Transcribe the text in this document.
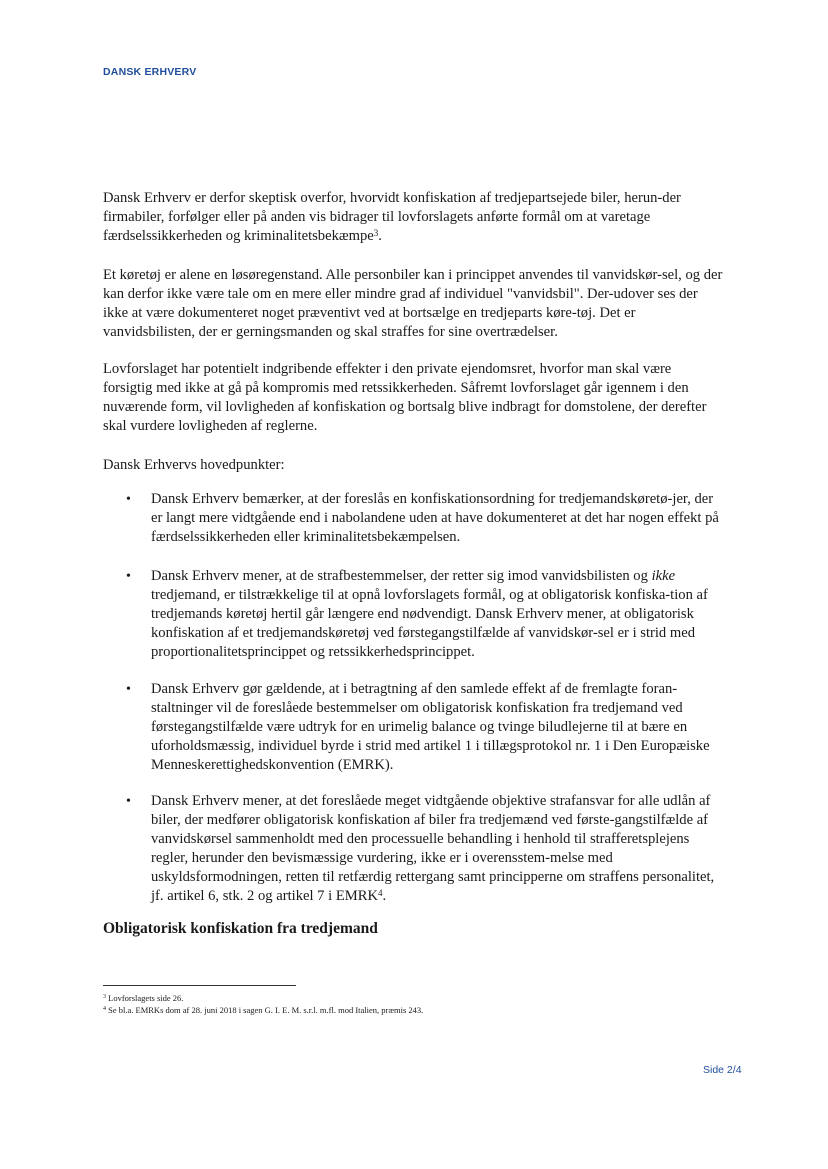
DANSK ERHVERV
Dansk Erhverv er derfor skeptisk overfor, hvorvidt konfiskation af tredjepartsejede biler, herun-der firmabiler, forfølger eller på anden vis bidrager til lovforslagets anførte formål om at varetage færdselssikkerheden og kriminalitetsbekæmpe$^3$.
Et køretøj er alene en løsøregenstand. Alle personbiler kan i princippet anvendes til vanvidskør-sel, og der kan derfor ikke være tale om en mere eller mindre grad af individuel "vanvidsbil". Der-udover ses der ikke at være dokumenteret noget præventivt ved at bortsælge en tredjeparts køre-tøj. Det er vanvidsbilisten, der er gerningsmanden og skal straffes for sine overtrædelser.
Lovforslaget har potentielt indgribende effekter i den private ejendomsret, hvorfor man skal være forsigtig med ikke at gå på kompromis med retssikkerheden. Såfremt lovforslaget går igennem i den nuværende form, vil lovligheden af konfiskation og bortsalg blive indbragt for domstolene, der derefter skal vurdere lovligheden af reglerne.
Dansk Erhvervs hovedpunkter:
• Dansk Erhverv bemærker, at der foreslås en konfiskationsordning for tredjemandskøretø-jer, der er langt mere vidtgående end i nabolandene uden at have dokumenteret at det har nogen effekt på færdselssikkerheden eller kriminalitetsbekæmpelsen.
• Dansk Erhverv mener, at de strafbestemmelser, der retter sig imod vanvidsbilisten og ikke tredjemand, er tilstrækkelige til at opnå lovforslagets formål, og at obligatorisk konfiska-tion af tredjemands køretøj hertil går længere end nødvendigt. Dansk Erhverv mener, at obligatorisk konfiskation af et tredjemandskøretøj ved førstegangstilfælde af vanvidskør-sel er i strid med proportionalitetsprincippet og retssikkerhedsprincippet.
• Dansk Erhverv gør gældende, at i betragtning af den samlede effekt af de fremlagte foran-staltninger vil de foreslåede bestemmelser om obligatorisk konfiskation fra tredjemand ved førstegangstilfælde være udtryk for en urimelig balance og tvinge biludlejerne til at bære en uforholdsmæssig, individuel byrde i strid med artikel 1 i tillægsprotokol nr. 1 i Den Europæiske Menneskerettighedskonvention (EMRK).
• Dansk Erhverv mener, at det foreslåede meget vidtgående objektive strafansvar for alle udlån af biler, der medfører obligatorisk konfiskation af biler fra tredjemænd ved første-gangstilfælde af vanvidskørsel sammenholdt med den processuelle behandling i henhold til strafferetsplejens regler, herunder den bevismæssige vurdering, ikke er i overensstem-melse med uskyldsformodningen, retten til retfærdig rettergang samt principperne om straffens personalitet, jf. artikel 6, stk. 2 og artikel 7 i EMRK$^4$.
Obligatorisk konfiskation fra tredjemand
$^3$ Lovforslagets side 26.
$^4$ Se bl.a. EMRKs dom af 28. juni 2018 i sagen G. I. E. M. s.r.l. m.fl. mod Italien, præmis 243.
Side 2/4
